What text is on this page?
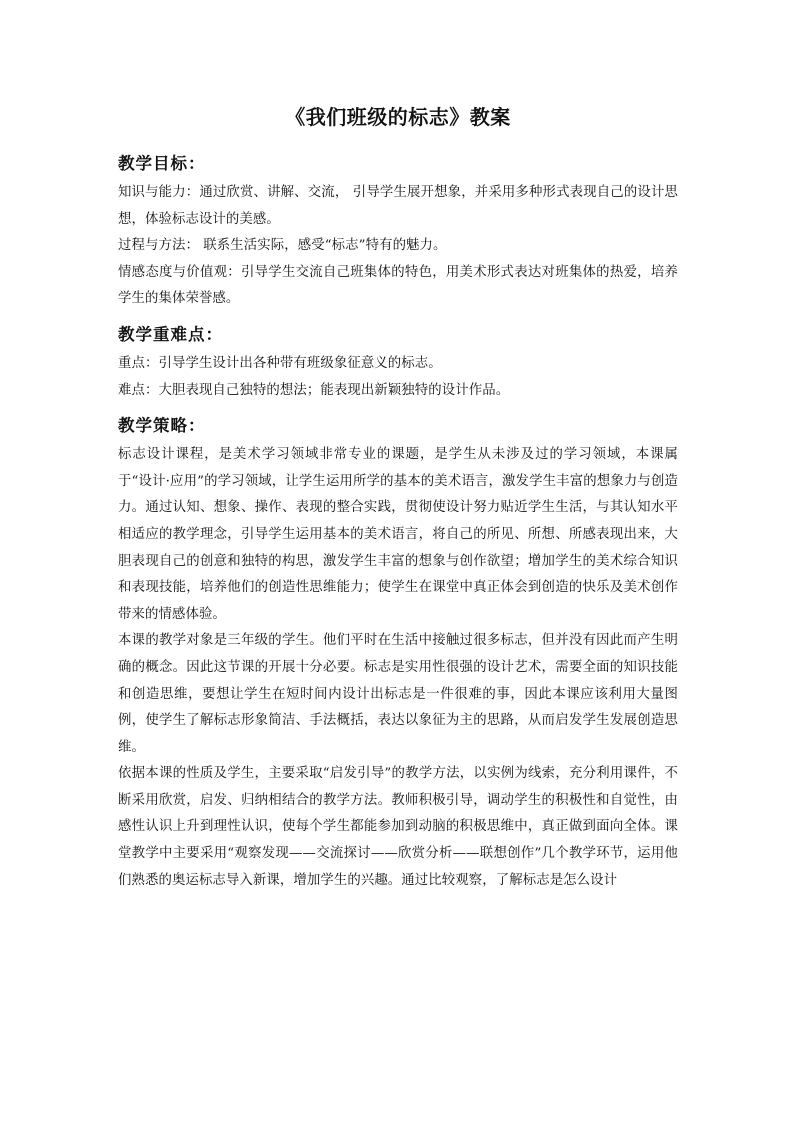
《我们班级的标志》教案
教学目标：

知识与能力：通过欣赏、讲解、交流， 引导学生展开想象，并采用多种形式表现自己的设计思想，体验标志设计的美感。

过程与方法： 联系生活实际，感受“标志”特有的魅力。

情感态度与价值观：引导学生交流自己班集体的特色，用美术形式表达对班集体的热爱，培养学生的集体荣誉感。

教学重难点：

重点：引导学生设计出各种带有班级象征意义的标志。

难点：大胆表现自己独特的想法；能表现出新颖独特的设计作品。

教学策略：

标志设计课程，是美术学习领域非常专业的课题，是学生从未涉及过的学习领域，本课属于“设计·应用”的学习领域，让学生运用所学的基本的美术语言，激发学生丰富的想象力与创造力。通过认知、想象、操作、表现的整合实践，贯彻使设计努力贴近学生生活，与其认知水平相适应的教学理念，引导学生运用基本的美术语言，将自己的所见、所想、所感表现出来，大胆表现自己的创意和独特的构思，激发学生丰富的想象与创作欲望；增加学生的美术综合知识和表现技能，培养他们的创造性思维能力；使学生在课堂中真正体会到创造的快乐及美术创作带来的情感体验。

本课的教学对象是三年级的学生。他们平时在生活中接触过很多标志，但并没有因此而产生明确的概念。因此这节课的开展十分必要。标志是实用性很强的设计艺术，需要全面的知识技能和创造思维，要想让学生在短时间内设计出标志是一件很难的事，因此本课应该利用大量图例，使学生了解标志形象简洁、手法概括，表达以象征为主的思路，从而启发学生发展创造思维。

依据本课的性质及学生，主要采取“启发引导”的教学方法，以实例为线索，充分利用课件，不断采用欣赏，启发、归纳相结合的教学方法。教师积极引导，调动学生的积极性和自觉性，由感性认识上升到理性认识，使每个学生都能参加到动脑的积极思维中，真正做到面向全体。课堂教学中主要采用“观察发现——交流探讨——欣赏分析——联想创作”几个教学环节，运用他们熟悉的奥运标志导入新课，增加学生的兴趣。通过比较观察，了解标志是怎么设计
